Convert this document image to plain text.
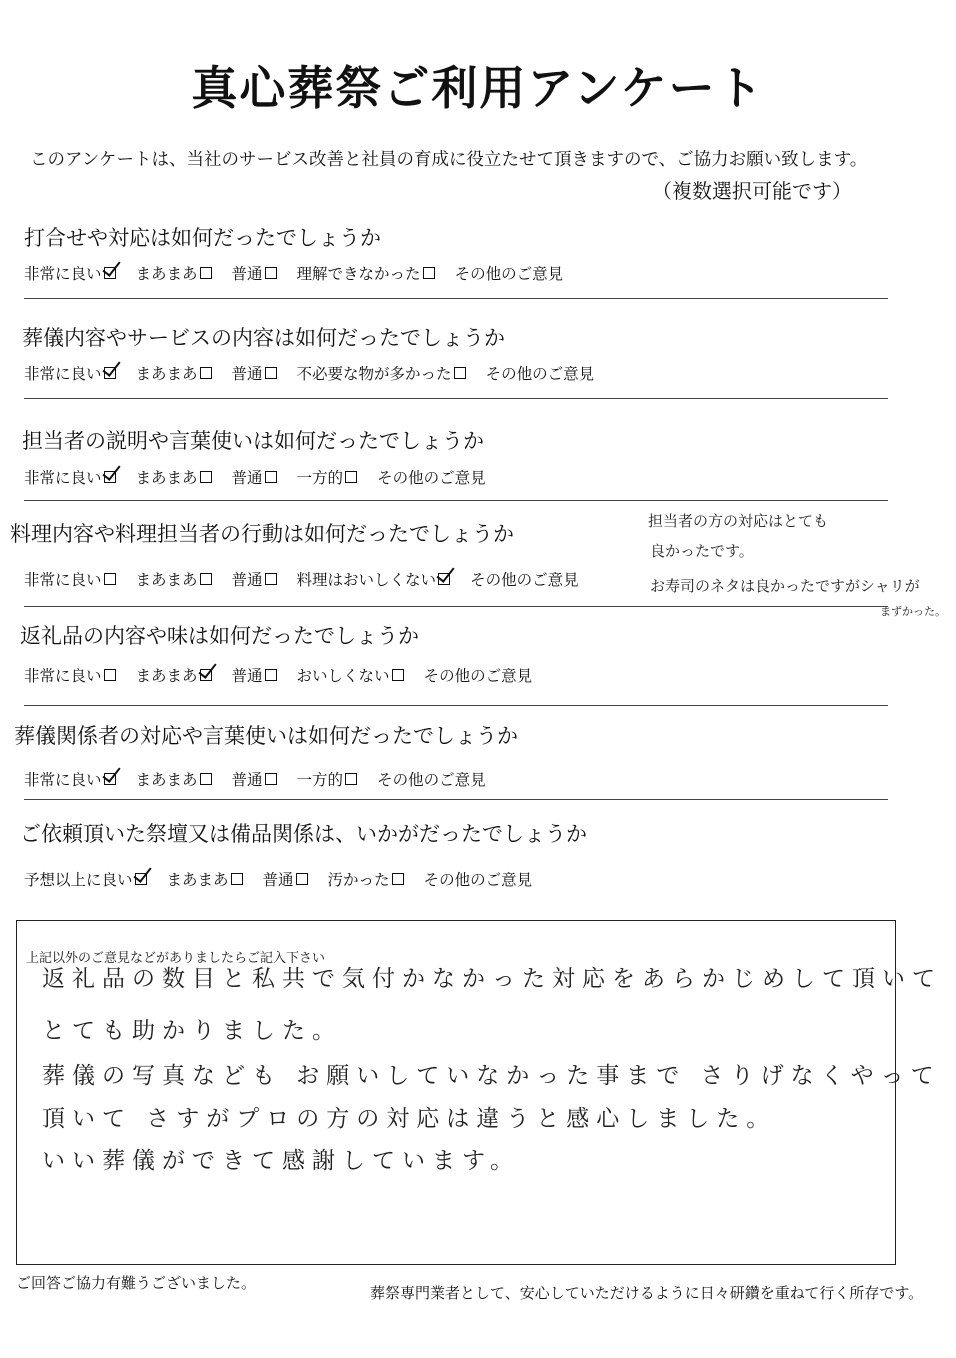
真心葬祭ご利用アンケート
このアンケートは、当社のサービス改善と社員の育成に役立たせて頂きますので、ご協力お願い致します。
（複数選択可能です）
打合せや対応は如何だったでしょうか
非常に良い まあまあ 普通 理解できなかった その他のご意見
葬儀内容やサービスの内容は如何だったでしょうか
非常に良い まあまあ 普通 不必要な物が多かった その他のご意見
担当者の説明や言葉使いは如何だったでしょうか
非常に良い まあまあ 普通 一方的 その他のご意見
料理内容や料理担当者の行動は如何だったでしょうか
非常に良い まあまあ 普通 料理はおいしくない その他のご意見
返礼品の内容や味は如何だったでしょうか
非常に良い まあまあ 普通 おいしくない その他のご意見
葬儀関係者の対応や言葉使いは如何だったでしょうか
非常に良い まあまあ 普通 一方的 その他のご意見
ご依頼頂いた祭壇又は備品関係は、いかがだったでしょうか
予想以上に良い まあまあ 普通 汚かった その他のご意見
担当者の方の対応はとても
良かったです。
お寿司のネタは良かったですがシャリが
まずかった。
上記以外のご意見などがありましたらご記入下さい
返礼品の数目と私共で気付かなかった対応をあらかじめして頂いて
とても助かりました。
葬儀の写真なども お願いしていなかった事まで さりげなくやって
頂いて さすがプロの方の対応は違うと感心しました。
いい葬儀ができて感謝しています。
ご回答ご協力有難うございました。
葬祭専門業者として、安心していただけるように日々研鑽を重ねて行く所存です。
